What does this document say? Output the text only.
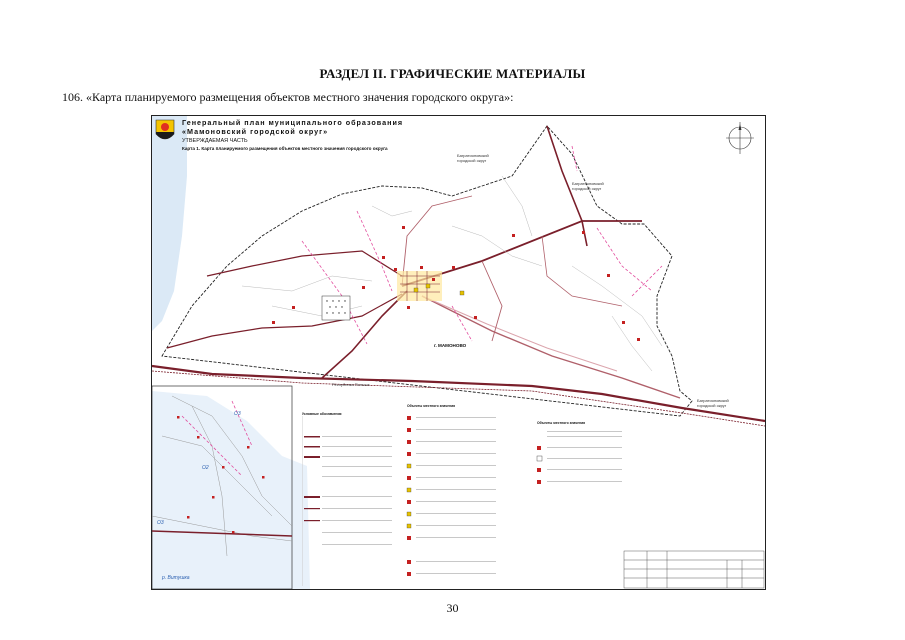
РАЗДЕЛ II. ГРАФИЧЕСКИЕ МАТЕРИАЛЫ
106. «Карта планируемого размещения объектов местного значения городского округа»:
Генеральный план муниципального образования
«Мамоновский городской округ»
УТВЕРЖДАЕМАЯ ЧАСТЬ
Карта 1. Карта планируемого размещения объектов местного значения городского округа
Багратионовский
городской округ
Багратионовский
городской округ
Багратионовский
городской округ
Республика Польша
г. МАМОНОВО
р. Витушка
О3
О2
О3
Условные обозначения
Объекты местного значения
Объекты местного значения
30
